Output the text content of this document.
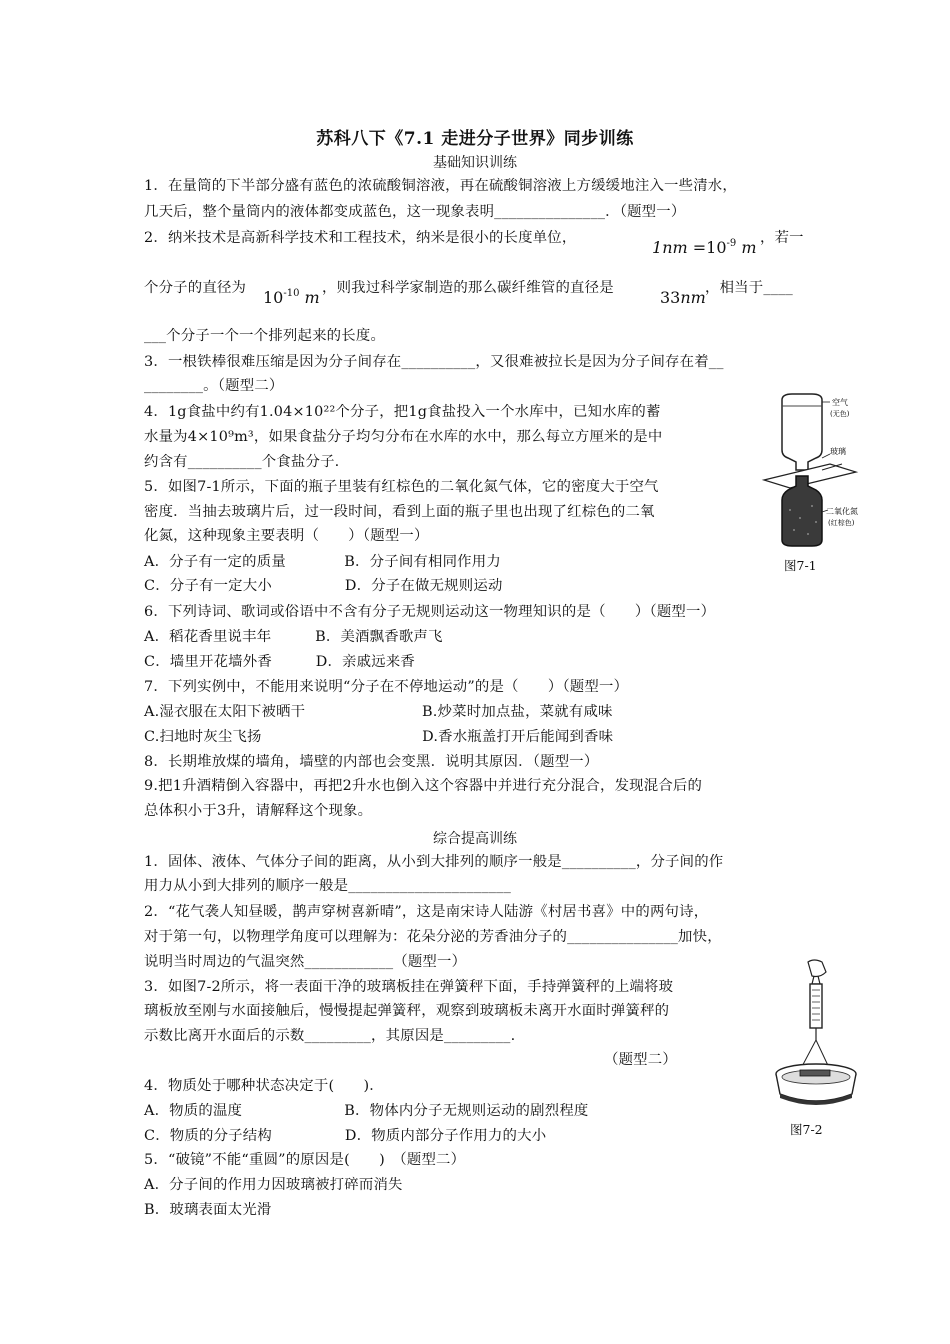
苏科八下《7.1 走进分子世界》同步训练
基础知识训练
1．在量筒的下半部分盛有蓝色的浓硫酸铜溶液，再在硫酸铜溶液上方缓缓地注入一些清水，
几天后，整个量筒内的液体都变成蓝色，这一现象表明_______________．（题型一）
2．纳米技术是高新科学技术和工程技术，纳米是很小的长度单位，	$1nm =10^{-9}$ m ，若一
个分子的直径为 $10^{-10}$ m ，则我过科学家制造的那么碳纤维管的直径是	33nm ，相当于____
___个分子一个一个排列起来的长度。
3．一根铁棒很难压缩是因为分子间存在__________，又很难被拉长是因为分子间存在着__
________。（题型二）
4．1g食盐中约有1.04×10²²个分子，把1g食盐投入一个水库中，已知水库的蓄
水量为4×10⁹m³，如果食盐分子均匀分布在水库的水中，那么每立方厘米的是中
约含有__________个食盐分子.
5．如图7-1所示，下面的瓶子里装有红棕色的二氧化氮气体，它的密度大于空气
密度．当抽去玻璃片后，过一段时间，看到上面的瓶子里也出现了红棕色的二氧
化氮，这种现象主要表明（　　）（题型一）
A．分子有一定的质量　　　　B．分子间有相同作用力
C．分子有一定大小　　　　　D．分子在做无规则运动
6．下列诗词、歌词或俗语中不含有分子无规则运动这一物理知识的是（　　）（题型一）
A．稻花香里说丰年　　　B．美酒飘香歌声飞
C．墙里开花墙外香　　　D．亲戚远来香
7．下列实例中，不能用来说明“分子在不停地运动”的是（　　）（题型一）
A.湿衣服在太阳下被晒干　　　　　　　　B.炒菜时加点盐，菜就有咸味
C.扫地时灰尘飞扬　　　　　　　　　　　D.香水瓶盖打开后能闻到香味
8．长期堆放煤的墙角，墙壁的内部也会变黑．说明其原因．（题型一）
9.把1升酒精倒入容器中，再把2升水也倒入这个容器中并进行充分混合，发现混合后的
总体积小于3升，请解释这个现象。
综合提高训练
1．固体、液体、气体分子间的距离，从小到大排列的顺序一般是__________，分子间的作
用力从小到大排列的顺序一般是______________________
2．“花气袭人知昼暖，鹊声穿树喜新晴”，这是南宋诗人陆游《村居书喜》中的两句诗，
对于第一句，以物理学角度可以理解为：花朵分泌的芳香油分子的_______________加快，
说明当时周边的气温突然____________（题型一）
3．如图7-2所示，将一表面干净的玻璃板挂在弹簧秤下面，手持弹簧秤的上端将玻
璃板放至刚与水面接触后，慢慢提起弹簧秤，观察到玻璃板未离开水面时弹簧秤的
示数比离开水面后的示数_________，其原因是_________.
（题型二）
4．物质处于哪种状态决定于(　　)．
A．物质的温度　　　　　　　B．物体内分子无规则运动的剧烈程度
C．物质的分子结构　　　　　D．物质内部分子作用力的大小
5．“破镜”不能“重圆”的原因是(　　)　（题型二）
A．分子间的作用力因玻璃被打碎而消失
B．玻璃表面太光滑
空气
(无色)
玻璃
二氧化氮
(红棕色)
图7-1
图7-2
